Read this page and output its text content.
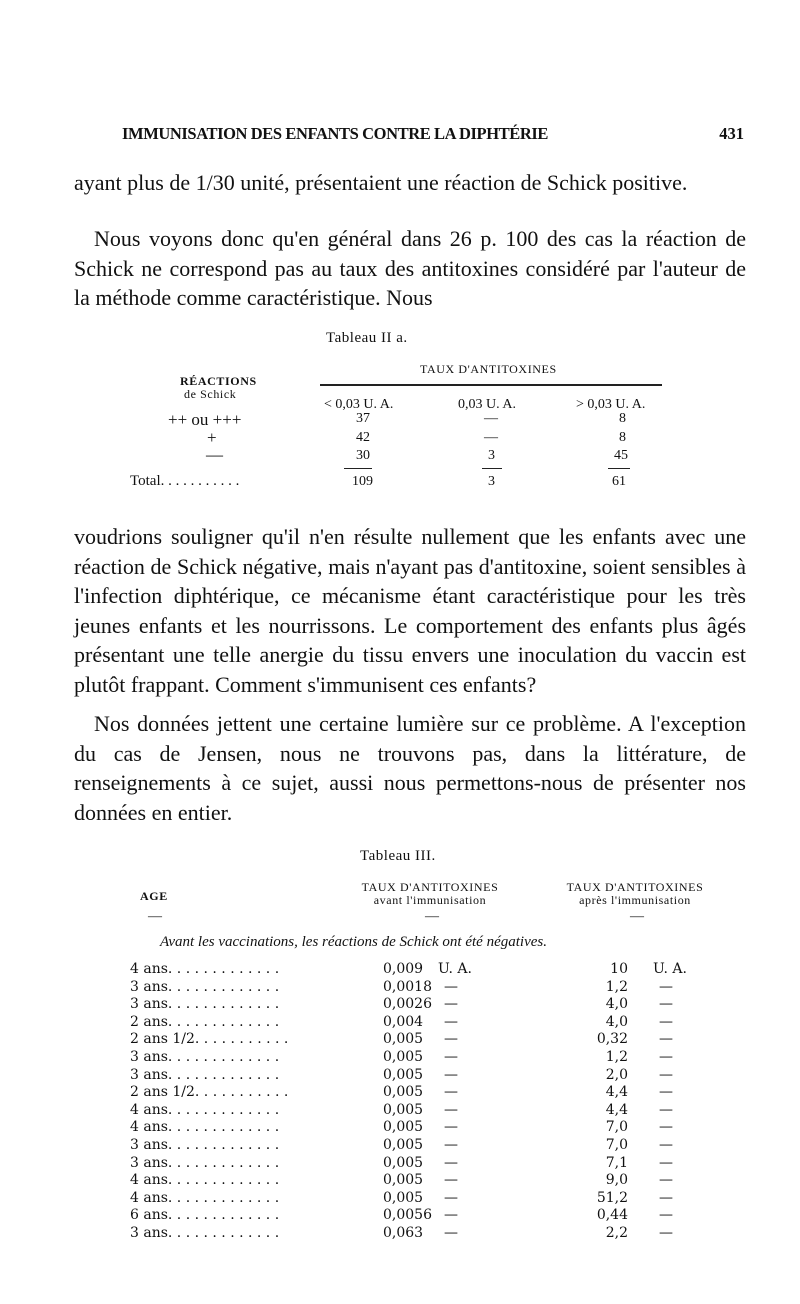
IMMUNISATION DES ENFANTS CONTRE LA DIPHTÉRIE	431

ayant plus de 1/30 unité, présentaient une réaction de Schick positive.

Nous voyons donc qu'en général dans 26 p. 100 des cas la réaction de Schick ne correspond pas au taux des antitoxines considéré par l'auteur de la méthode comme caractéristique. Nous

Tableau II a.
TAUX D'ANTITOXINES
RÉACTIONS
de Schick
< 0,03 U. A.	0,03 U. A.	> 0,03 U. A.
++ ou +++	37	—	8
+	42	—	8
—	30	3	45
Total. . . . . . . . . . .	109	3	61

voudrions souligner qu'il n'en résulte nullement que les enfants avec une réaction de Schick négative, mais n'ayant pas d'antitoxine, soient sensibles à l'infection diphtérique, ce mécanisme étant caractéristique pour les très jeunes enfants et les nourrissons. Le comportement des enfants plus âgés présentant une telle anergie du tissu envers une inoculation du vaccin est plutôt frappant. Comment s'immunisent ces enfants?

Nos données jettent une certaine lumière sur ce problème. A l'exception du cas de Jensen, nous ne trouvons pas, dans la littérature, de renseignements à ce sujet, aussi nous permettons-nous de présenter nos données en entier.

Tableau III.
AGE
TAUX D'ANTITOXINES
avant l'immunisation
TAUX D'ANTITOXINES
après l'immunisation
—	—	—
Avant les vaccinations, les réactions de Schick ont été négatives.
4 ans. . . . . . . . . . . . .	0,009 U. A.	10 U. A.
3 ans. . . . . . . . . . . . .	0,0018 —	1,2 —
3 ans. . . . . . . . . . . . .	0,0026 —	4,0 —
2 ans. . . . . . . . . . . . .	0,004 —	4,0 —
2 ans 1/2. . . . . . . . . . .	0,005 —	0,32 —
3 ans. . . . . . . . . . . . .	0,005 —	1,2 —
3 ans. . . . . . . . . . . . .	0,005 —	2,0 —
2 ans 1/2. . . . . . . . . . .	0,005 —	4,4 —
4 ans. . . . . . . . . . . . .	0,005 —	4,4 —
4 ans. . . . . . . . . . . . .	0,005 —	7,0 —
3 ans. . . . . . . . . . . . .	0,005 —	7,0 —
3 ans. . . . . . . . . . . . .	0,005 —	7,1 —
4 ans. . . . . . . . . . . . .	0,005 —	9,0 —
4 ans. . . . . . . . . . . . .	0,005 —	51,2 —
6 ans. . . . . . . . . . . . .	0,0056 —	0,44 —
3 ans. . . . . . . . . . . . .	0,063 —	2,2 —
